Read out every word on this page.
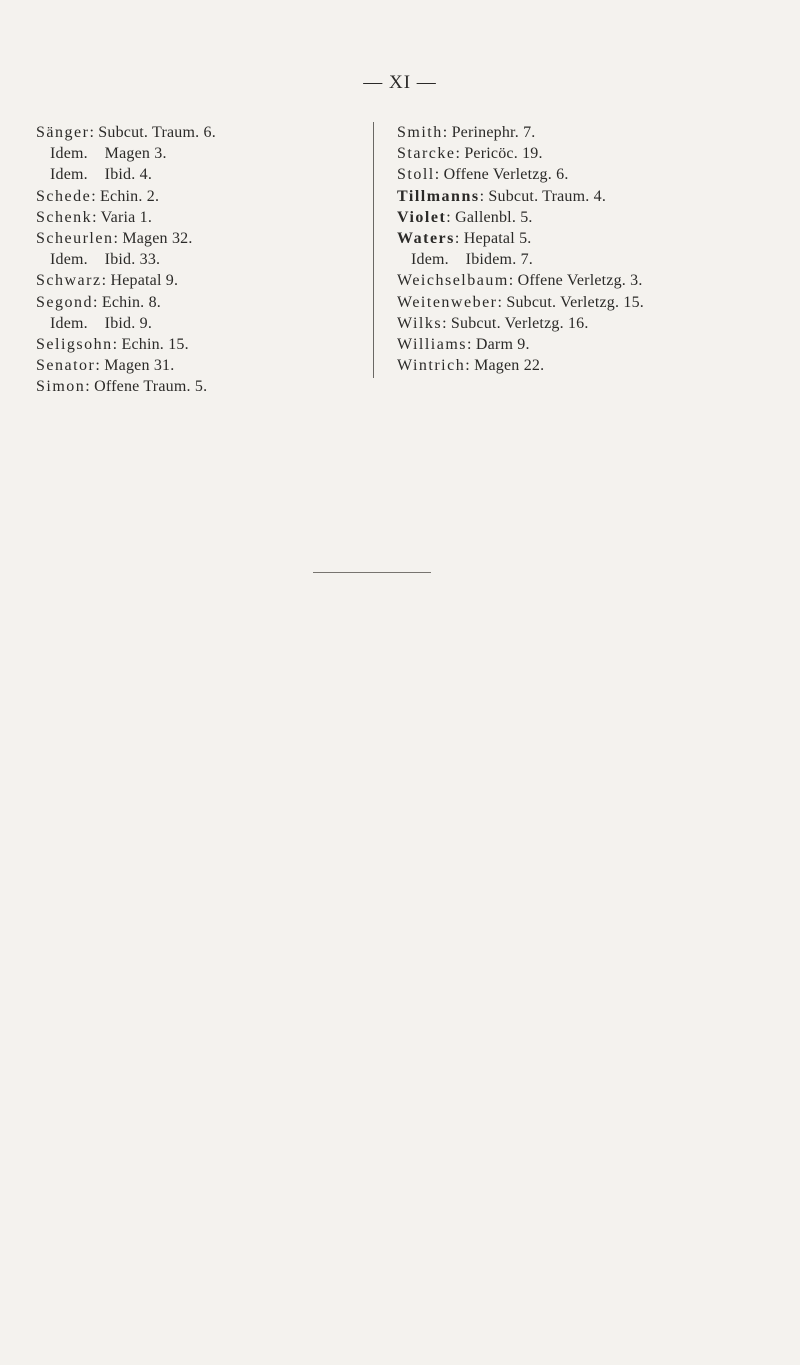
— XI —
Sänger: Subcut. Traum. 6.
Idem.    Magen 3.
Idem.    Ibid. 4.
Schede: Echin. 2.
Schenk: Varia 1.
Scheurlen: Magen 32.
Idem.    Ibid. 33.
Schwarz: Hepatal 9.
Segond: Echin. 8.
Idem.    Ibid. 9.
Seligsohn: Echin. 15.
Senator: Magen 31.
Simon: Offene Traum. 5.
Smith: Perinephr. 7.
Starcke: Pericöc. 19.
Stoll: Offene Verletzg. 6.
Tillmanns: Subcut. Traum. 4.
Violet: Gallenbl. 5.
Waters: Hepatal 5.
Idem.    Ibidem. 7.
Weichselbaum: Offene Verletzg. 3.
Weitenweber: Subcut. Verletzg. 15.
Wilks: Subcut. Verletzg. 16.
Williams: Darm 9.
Wintrich: Magen 22.
